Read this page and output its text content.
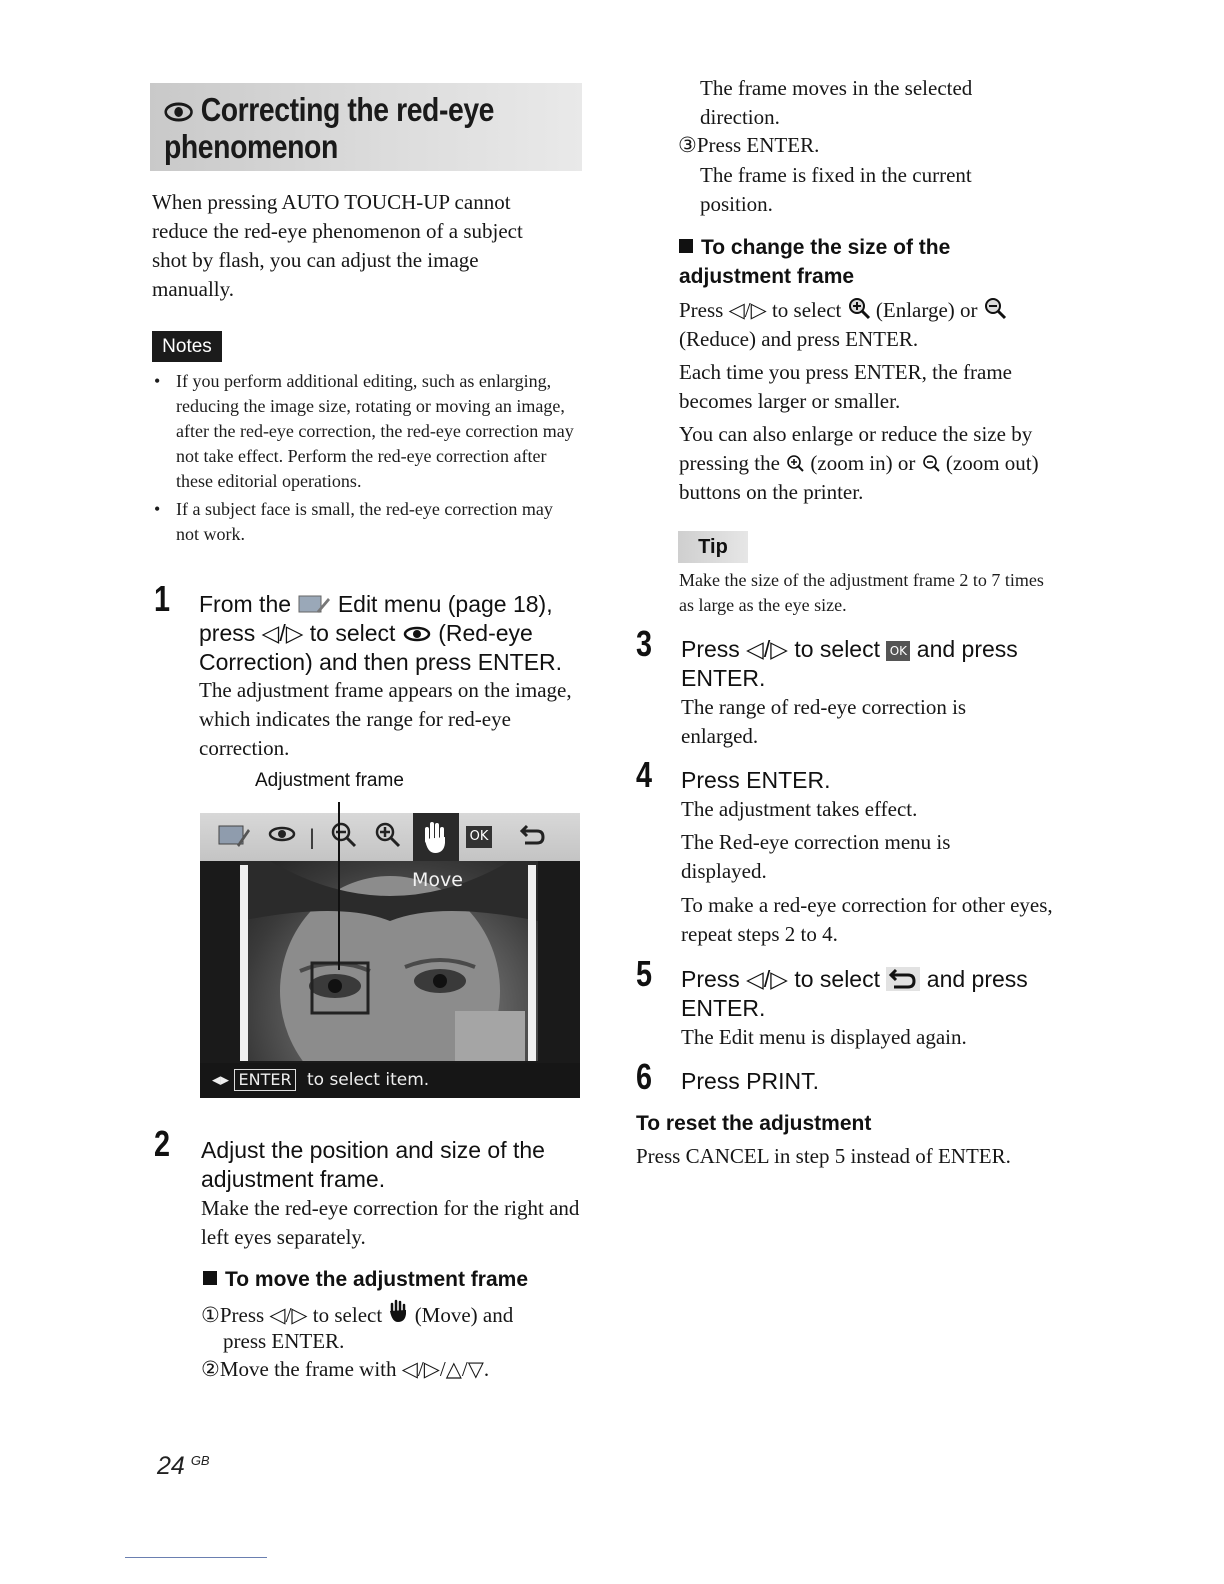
Correcting the red-eye phenomenon
When pressing AUTO TOUCH-UP cannot reduce the red-eye phenomenon of a subject shot by flash, you can adjust the image manually.
Notes
• If you perform additional editing, such as enlarging, reducing the image size, rotating or moving an image, after the red-eye correction, the red-eye correction may not take effect. Perform the red-eye correction after these editorial operations.
• If a subject face is small, the red-eye correction may not work.
1 From the Edit menu (page 18),
press ◁/▷ to select (Red-eye
Correction) and then press ENTER.
The adjustment frame appears on the image, which indicates the range for red-eye correction.
Adjustment frame
|	OK
Move
◂▸ ENTER to select item.
2 Adjust the position and size of the adjustment frame.
Make the red-eye correction for the right and left eyes separately.
To move the adjustment frame
①Press ◁/▷ to select (Move) and
press ENTER.
②Move the frame with ◁/▷/△/▽.
24 $^{GB}$
The frame moves in the selected direction.
③Press ENTER.
The frame is fixed in the current position.
To change the size of the
adjustment frame
Press ◁/▷ to select (Enlarge) or
(Reduce) and press ENTER.
Each time you press ENTER, the frame becomes larger or smaller.
You can also enlarge or reduce the size by
pressing the (zoom in) or (zoom out)
buttons on the printer.
Tip
Make the size of the adjustment frame 2 to 7 times as large as the eye size.
3 Press ◁/▷ to select OK and press
ENTER.
The range of red-eye correction is enlarged.
4 Press ENTER.
The adjustment takes effect.
The Red-eye correction menu is displayed.
To make a red-eye correction for other eyes, repeat steps 2 to 4.
5 Press ◁/▷ to select and press
ENTER.
The Edit menu is displayed again.
6 Press PRINT.
To reset the adjustment
Press CANCEL in step 5 instead of ENTER.
